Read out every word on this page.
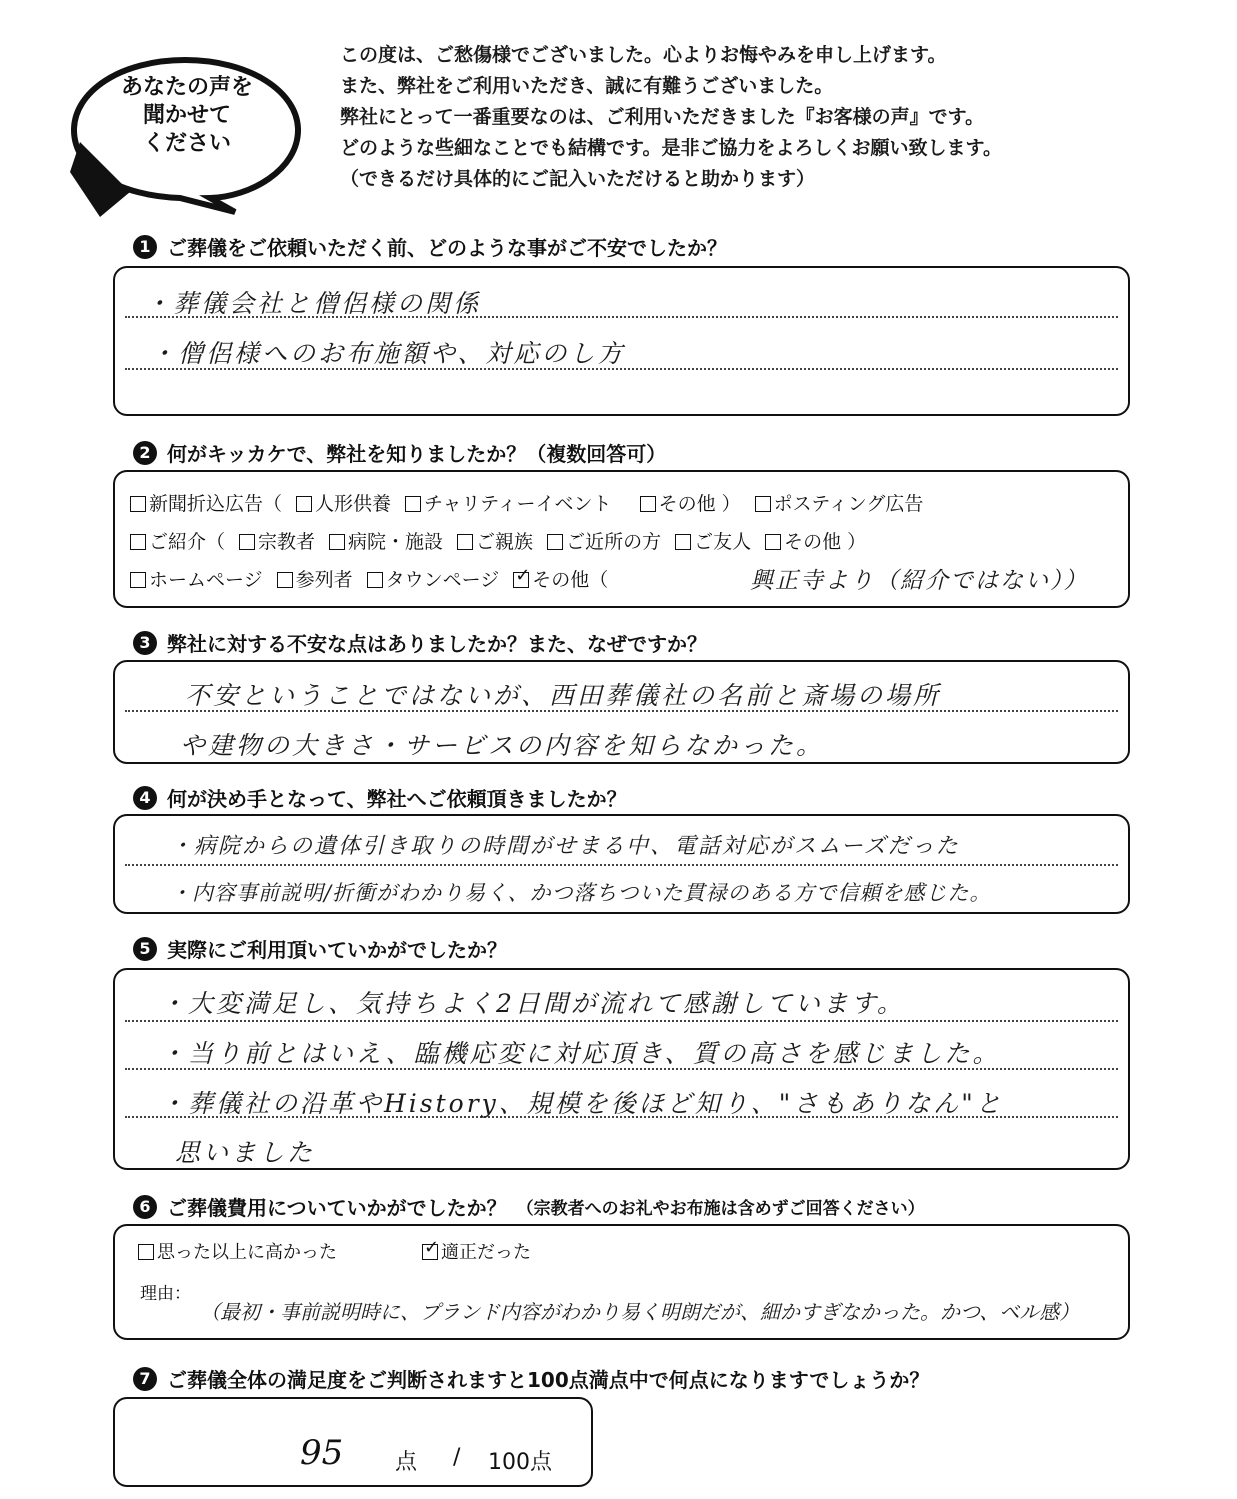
あなたの声を
聞かせて
ください
この度は、ご愁傷様でございました。心よりお悔やみを申し上げます。
また、弊社をご利用いただき、誠に有難うございました。
弊社にとって一番重要なのは、ご利用いただきました『お客様の声』です。
どのような些細なことでも結構です。是非ご協力をよろしくお願い致します。
（できるだけ具体的にご記入いただけると助かります）
1 ご葬儀をご依頼いただく前、どのような事がご不安でしたか？
・葬儀会社と僧侶様の関係
・僧侶様へのお布施額や、対応のし方
2 何がキッカケで、弊社を知りましたか？（複数回答可）
新聞折込広告（	人形供養	チャリティーイベント	その他 ）	ポスティング広告
ご紹介（	宗教者	病院・施設	ご親族	ご近所の方	ご友人	その他 ）
ホームページ	参列者	タウンページ ✓	その他（	興正寺より（紹介ではない））
3 弊社に対する不安な点はありましたか？また、なぜですか？
不安ということではないが、西田葬儀社の名前と斎場の場所
や建物の大きさ・サービスの内容を知らなかった。
4 何が決め手となって、弊社へご依頼頂きましたか？
・病院からの遺体引き取りの時間がせまる中、電話対応がスムーズだった
・内容事前説明/折衝がわかり易く、かつ落ちついた貫禄のある方で信頼を感じた。
5 実際にご利用頂いていかがでしたか？
・大変満足し、気持ちよく2日間が流れて感謝しています。
・当り前とはいえ、臨機応変に対応頂き、質の高さを感じました。
・葬儀社の沿革やHistory、規模を後ほど知り、"さもありなん"と
思いました
6 ご葬儀費用についていかがでしたか？ （宗教者へのお礼やお布施は含めずご回答ください）
思った以上に高かった ✓	適正だった
理由：
（最初・事前説明時に、プランド内容がわかり易く明朗だが、細かすぎなかった。かつ、ベル感）
7 ご葬儀全体の満足度をご判断されますと100点満点中で何点になりますでしょうか？
95 点 / 100点
